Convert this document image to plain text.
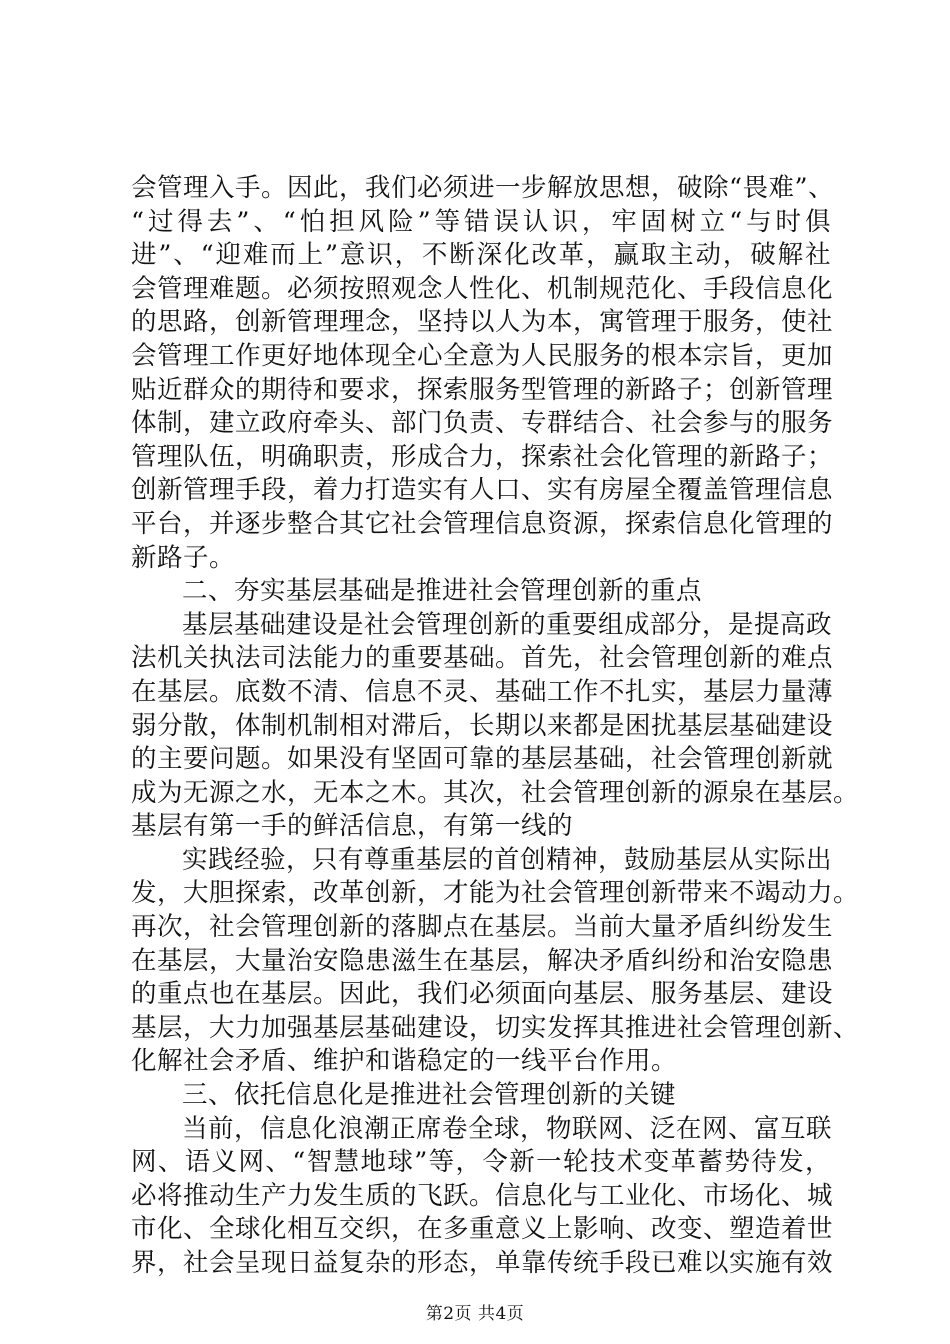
会管理入手。因此，我们必须进一步解放思想，破除“畏难”、
“过得去”、“怕担风险”等错误认识，牢固树立“与时俱
进”、“迎难而上”意识，不断深化改革，赢取主动，破解社
会管理难题。必须按照观念人性化、机制规范化、手段信息化
的思路，创新管理理念，坚持以人为本，寓管理于服务，使社
会管理工作更好地体现全心全意为人民服务的根本宗旨，更加
贴近群众的期待和要求，探索服务型管理的新路子；创新管理
体制，建立政府牵头、部门负责、专群结合、社会参与的服务
管理队伍，明确职责，形成合力，探索社会化管理的新路子；
创新管理手段，着力打造实有人口、实有房屋全覆盖管理信息
平台，并逐步整合其它社会管理信息资源，探索信息化管理的
新路子。
二、夯实基层基础是推进社会管理创新的重点
基层基础建设是社会管理创新的重要组成部分，是提高政
法机关执法司法能力的重要基础。首先，社会管理创新的难点
在基层。底数不清、信息不灵、基础工作不扎实，基层力量薄
弱分散，体制机制相对滞后，长期以来都是困扰基层基础建设
的主要问题。如果没有坚固可靠的基层基础，社会管理创新就
成为无源之水，无本之木。其次，社会管理创新的源泉在基层。
基层有第一手的鲜活信息，有第一线的
实践经验，只有尊重基层的首创精神，鼓励基层从实际出
发，大胆探索，改革创新，才能为社会管理创新带来不竭动力。
再次，社会管理创新的落脚点在基层。当前大量矛盾纠纷发生
在基层，大量治安隐患滋生在基层，解决矛盾纠纷和治安隐患
的重点也在基层。因此，我们必须面向基层、服务基层、建设
基层，大力加强基层基础建设，切实发挥其推进社会管理创新、
化解社会矛盾、维护和谐稳定的一线平台作用。
三、依托信息化是推进社会管理创新的关键
当前，信息化浪潮正席卷全球，物联网、泛在网、富互联
网、语义网、“智慧地球”等，令新一轮技术变革蓄势待发，
必将推动生产力发生质的飞跃。信息化与工业化、市场化、城
市化、全球化相互交织，在多重意义上影响、改变、塑造着世
界，社会呈现日益复杂的形态，单靠传统手段已难以实施有效
第2页 共4页
